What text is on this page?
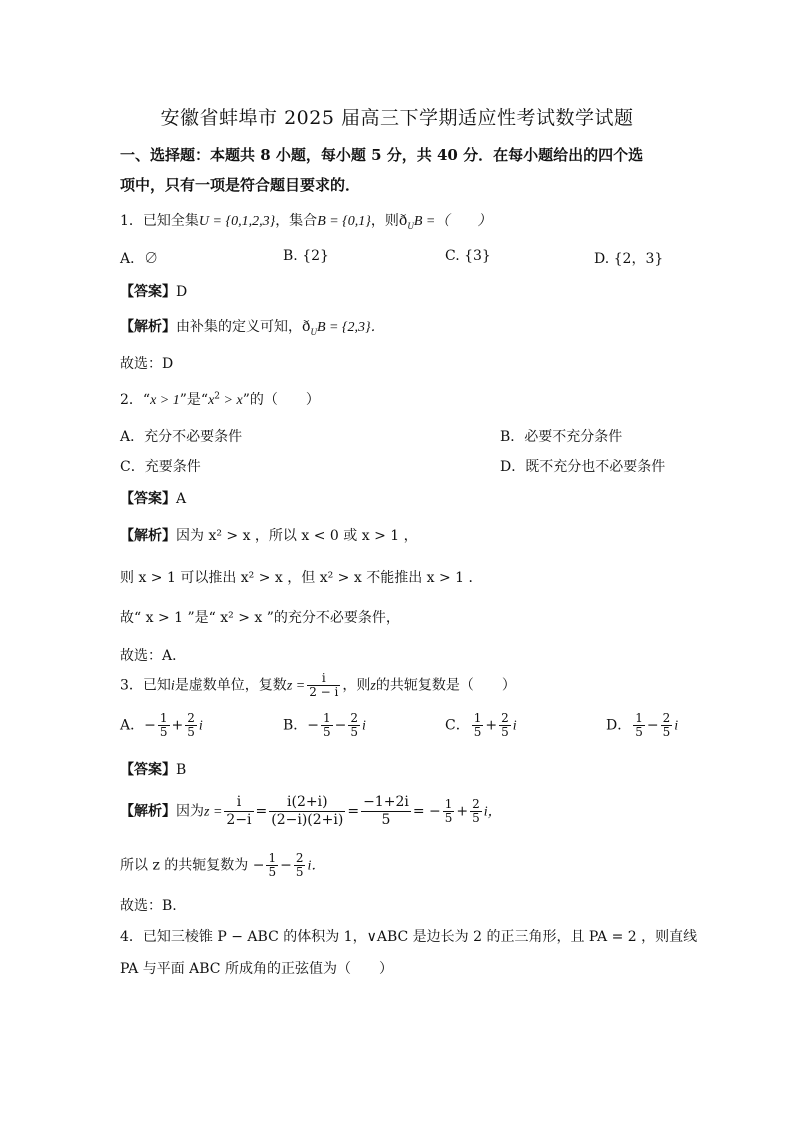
安徽省蚌埠市 2025 届高三下学期适应性考试数学试题
一、选择题：本题共 8 小题，每小题 5 分，共 40 分．在每小题给出的四个选
项中，只有一项是符合题目要求的．
1．已知全集U = {0,1,2,3}，集合B = {0,1}，则$ð_UB$ =（　　）
A．∅	B. {2}	C. {3}	D. {2，3}
【答案】D
【解析】由补集的定义可知，$ð_UB = \{2,3\}$．
故选：D
2．“x > 1”是“$x^2 > x$”的（　　）
A．充分不必要条件	B．必要不充分条件
C．充要条件	D．既不充分也不必要条件
【答案】A
【解析】因为 x² > x ，所以 x < 0 或 x > 1 ，
则 x > 1 可以推出 x² > x ，但 x² > x 不能推出 x > 1 ．
故“ x > 1 ”是“ x² > x ”的充分不必要条件，
故选：A．
3．已知i是虚数单位，复数$z = \frac{i}{2 - i}$ ，则z的共轭复数是（　　）
A．− $\frac{1}{5} + \frac{2}{5}$ i	B．− $\frac{1}{5} - \frac{2}{5}$ i	C． $\frac{1}{5} + \frac{2}{5}$ i	D． $\frac{1}{5} - \frac{2}{5}$ i
【答案】B
【解析】因为$z = \frac{i}{2-i} = \frac{i(2+i)}{(2-i)(2+i)} = \frac{-1+2i}{5}$ = − $\frac{1}{5} + \frac{2}{5}$ i，
所以 z 的共轭复数为 − $\frac{1}{5} - \frac{2}{5}$ i．
故选：B.
4．已知三棱锥 P − ABC 的体积为 1，∨ABC 是边长为 2 的正三角形，且 PA = 2 ，则直线
PA 与平面 ABC 所成角的正弦值为（　　）
